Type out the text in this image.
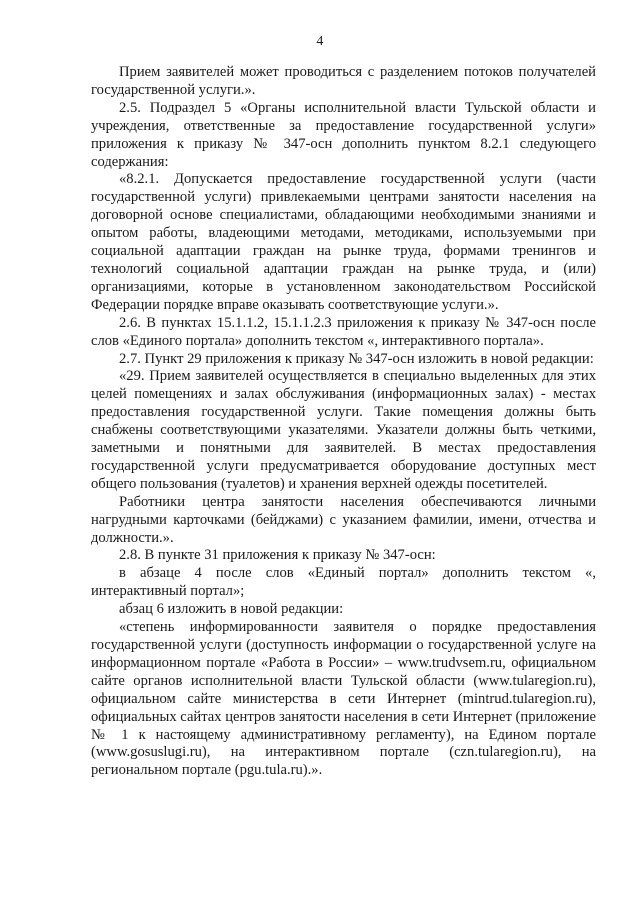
4

Прием заявителей может проводиться с разделением потоков получателей государственной услуги.».

2.5. Подраздел 5 «Органы исполнительной власти Тульской области и учреждения, ответственные за предоставление государственной услуги» приложения к приказу № 347-осн дополнить пунктом 8.2.1 следующего содержания:

«8.2.1. Допускается предоставление государственной услуги (части государственной услуги) привлекаемыми центрами занятости населения на договорной основе специалистами, обладающими необходимыми знаниями и опытом работы, владеющими методами, методиками, используемыми при социальной адаптации граждан на рынке труда, формами тренингов и технологий социальной адаптации граждан на рынке труда, и (или) организациями, которые в установленном законодательством Российской Федерации порядке вправе оказывать соответствующие услуги.».

2.6. В пунктах 15.1.1.2, 15.1.1.2.3 приложения к приказу № 347-осн после слов «Единого портала» дополнить текстом «, интерактивного портала».

2.7. Пункт 29 приложения к приказу № 347-осн изложить в новой редакции:

«29. Прием заявителей осуществляется в специально выделенных для этих целей помещениях и залах обслуживания (информационных залах) - местах предоставления государственной услуги. Такие помещения должны быть снабжены соответствующими указателями. Указатели должны быть четкими, заметными и понятными для заявителей. В местах предоставления государственной услуги предусматривается оборудование доступных мест общего пользования (туалетов) и хранения верхней одежды посетителей.

Работники центра занятости населения обеспечиваются личными нагрудными карточками (бейджами) с указанием фамилии, имени, отчества и должности.».

2.8. В пункте 31 приложения к приказу № 347-осн:

в абзаце 4 после слов «Единый портал» дополнить текстом «, интерактивный портал»;

абзац 6 изложить в новой редакции:

«степень информированности заявителя о порядке предоставления государственной услуги (доступность информации о государственной услуге на информационном портале «Работа в России» – www.trudvsem.ru, официальном сайте органов исполнительной власти Тульской области (www.tularegion.ru), официальном сайте министерства в сети Интернет (mintrud.tularegion.ru), официальных сайтах центров занятости населения в сети Интернет (приложение № 1 к настоящему административному регламенту), на Едином портале (www.gosuslugi.ru), на интерактивном портале (czn.tularegion.ru), на региональном портале (pgu.tula.ru).».
